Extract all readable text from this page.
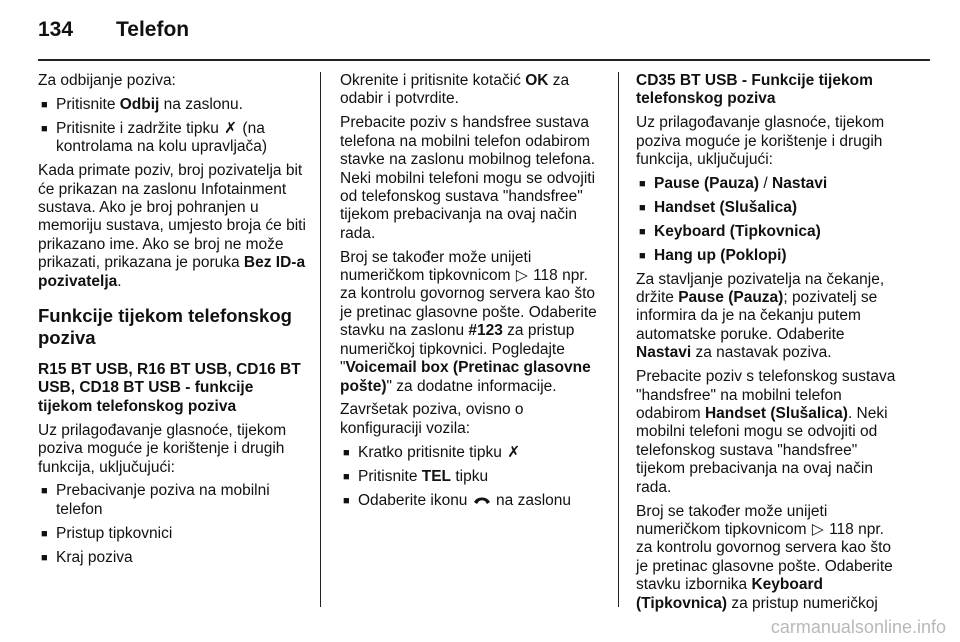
134	Telefon

Za odbijanje poziva:

■ Pritisnite Odbij na zaslonu.
■ Pritisnite i zadržite tipku ✗ (na kontrolama na kolu upravljača)

Kada primate poziv, broj pozivatelja bit će prikazan na zaslonu Infotainment sustava. Ako je broj pohranjen u memoriju sustava, umjesto broja će biti prikazano ime. Ako se broj ne može prikazati, prikazana je poruka Bez ID-a pozivatelja.

Funkcije tijekom telefonskog poziva

R15 BT USB, R16 BT USB, CD16 BT USB, CD18 BT USB - funkcije tijekom telefonskog poziva

Uz prilagođavanje glasnoće, tijekom poziva moguće je korištenje i drugih funkcija, uključujući:

■ Prebacivanje poziva na mobilni telefon
■ Pristup tipkovnici
■ Kraj poziva

Okrenite i pritisnite kotačić OK za odabir i potvrdite.

Prebacite poziv s handsfree sustava telefona na mobilni telefon odabirom stavke na zaslonu mobilnog telefona. Neki mobilni telefoni mogu se odvojiti od telefonskog sustava "handsfree" tijekom prebacivanja na ovaj način rada.

Broj se također može unijeti numeričkom tipkovnicom ▷ 118 npr. za kontrolu govornog servera kao što je pretinac glasovne pošte. Odaberite stavku na zaslonu #123 za pristup numeričkoj tipkovnici. Pogledajte "Voicemail box (Pretinac glasovne pošte)" za dodatne informacije.

Završetak poziva, ovisno o konfiguraciji vozila:

■ Kratko pritisnite tipku ✗
■ Pritisnite TEL tipku
■ Odaberite ikonu  na zaslonu

CD35 BT USB - Funkcije tijekom telefonskog poziva

Uz prilagođavanje glasnoće, tijekom poziva moguće je korištenje i drugih funkcija, uključujući:

■ Pause (Pauza) / Nastavi
■ Handset (Slušalica)
■ Keyboard (Tipkovnica)
■ Hang up (Poklopi)

Za stavljanje pozivatelja na čekanje, držite Pause (Pauza); pozivatelj se informira da je na čekanju putem automatske poruke. Odaberite Nastavi za nastavak poziva.

Prebacite poziv s telefonskog sustava "handsfree" na mobilni telefon odabirom Handset (Slušalica). Neki mobilni telefoni mogu se odvojiti od telefonskog sustava "handsfree" tijekom prebacivanja na ovaj način rada.

Broj se također može unijeti numeričkom tipkovnicom ▷ 118 npr. za kontrolu govornog servera kao što je pretinac glasovne pošte. Odaberite stavku izbornika Keyboard (Tipkovnica) za pristup numeričkoj

carmanualsonline.info
